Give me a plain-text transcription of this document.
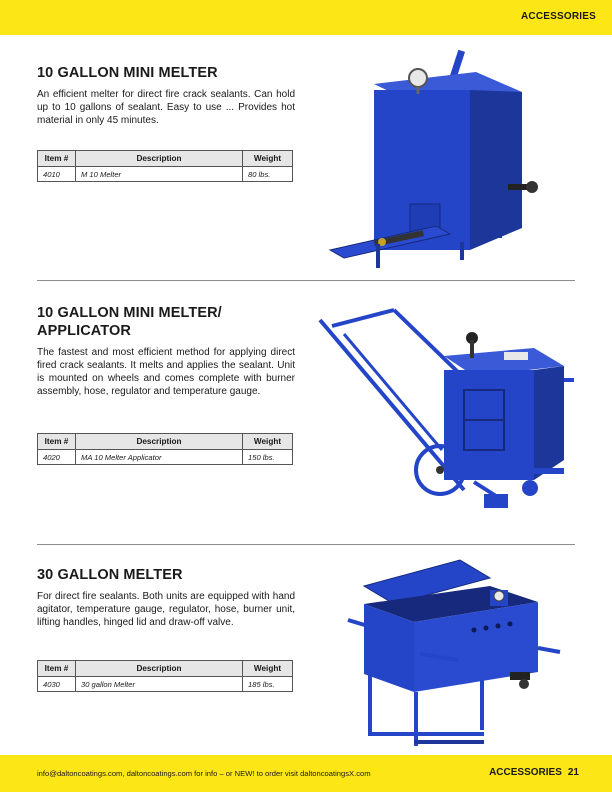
ACCESSORIES
10 GALLON MINI MELTER
An efficient melter for direct fire crack sealants. Can hold up to 10 gallons of sealant. Easy to use ... Provides hot material in only 45 minutes.
Item #	Description	Weight
4010	M 10 Melter	80 lbs.
10 GALLON MINI MELTER/
APPLICATOR
The fastest and most efficient method for applying direct fired crack sealants. It melts and applies the sealant. Unit is mounted on wheels and comes complete with burner assembly, hose, regulator and temperature gauge.
Item #	Description	Weight
4020	MA 10 Melter Applicator	150 lbs.
30 GALLON MELTER
For direct fire sealants. Both units are equipped with hand agitator, temperature gauge, regulator, hose, burner unit, lifting handles, hinged lid and draw-off valve.
Item #	Description	Weight
4030	30 gallon Melter	185 lbs.
info@daltoncoatings.com, daltoncoatings.com for info – or NEW! to order visit daltoncoatingsX.com	ACCESSORIES 21
